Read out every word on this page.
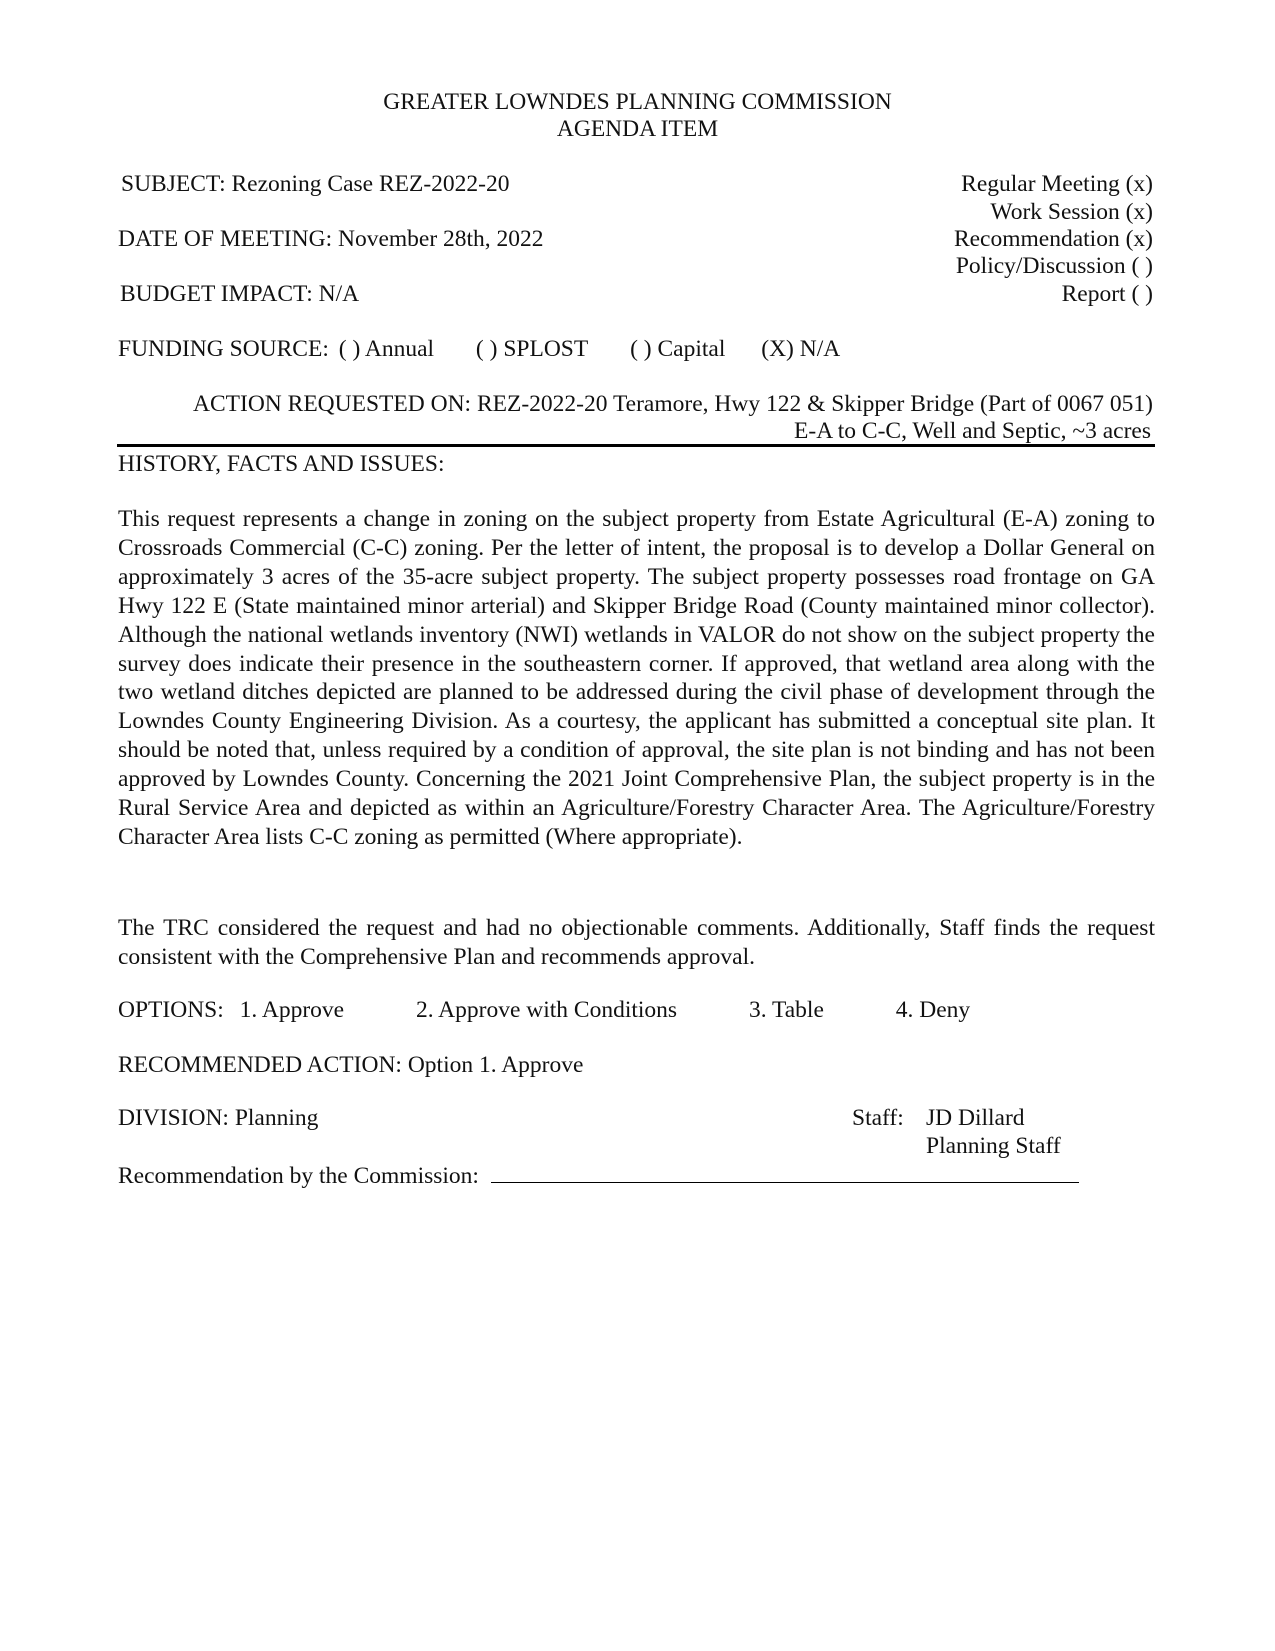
GREATER LOWNDES PLANNING COMMISSION
AGENDA ITEM
SUBJECT: Rezoning Case REZ-2022-20
DATE OF MEETING: November 28th, 2022
BUDGET IMPACT: N/A
Regular Meeting (x)
Work Session (x)
Recommendation (x)
Policy/Discussion ( )
Report ( )
FUNDING SOURCE: ( ) Annual ( ) SPLOST ( ) Capital (X) N/A
ACTION REQUESTED ON: REZ-2022-20 Teramore, Hwy 122 & Skipper Bridge (Part of 0067 051)
E-A to C-C, Well and Septic, ~3 acres
HISTORY, FACTS AND ISSUES:
This request represents a change in zoning on the subject property from Estate Agricultural (E-A) zoning to Crossroads Commercial (C-C) zoning. Per the letter of intent, the proposal is to develop a Dollar General on approximately 3 acres of the 35-acre subject property. The subject property possesses road frontage on GA Hwy 122 E (State maintained minor arterial) and Skipper Bridge Road (County maintained minor collector). Although the national wetlands inventory (NWI) wetlands in VALOR do not show on the subject property the survey does indicate their presence in the southeastern corner. If approved, that wetland area along with the two wetland ditches depicted are planned to be addressed during the civil phase of development through the Lowndes County Engineering Division. As a courtesy, the applicant has submitted a conceptual site plan. It should be noted that, unless required by a condition of approval, the site plan is not binding and has not been approved by Lowndes County. Concerning the 2021 Joint Comprehensive Plan, the subject property is in the Rural Service Area and depicted as within an Agriculture/Forestry Character Area. The Agriculture/Forestry Character Area lists C-C zoning as permitted (Where appropriate).
The TRC considered the request and had no objectionable comments. Additionally, Staff finds the request consistent with the Comprehensive Plan and recommends approval.
OPTIONS: 1. Approve	2. Approve with Conditions	3. Table	4. Deny
RECOMMENDED ACTION: Option 1. Approve
DIVISION: Planning	Staff: JD Dillard
Planning Staff
Recommendation by the Commission:
